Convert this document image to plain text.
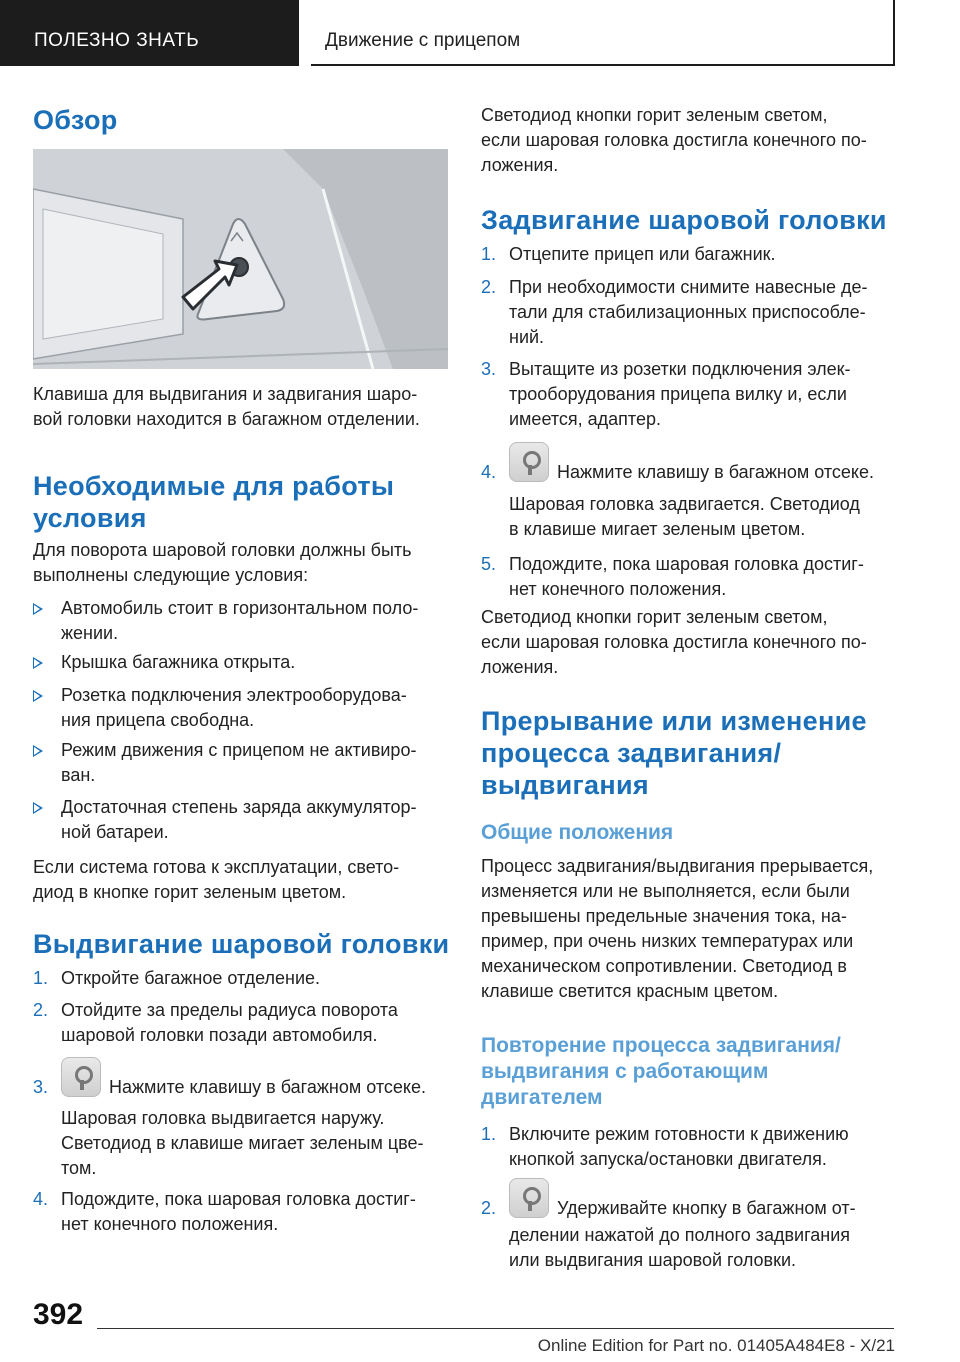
ПОЛЕЗНО ЗНАТЬ	Движение с прицепом
Обзор

Клавиша для выдвигания и задвигания шаро-

вой головки находится в багажном отделении.

Необходимые для работы
условия

Для поворота шаровой головки должны быть

выполнены следующие условия:

Автомобиль стоит в горизонтальном поло-
жении.
Крышка багажника открыта.
Розетка подключения электрооборудова-
ния прицепа свободна.
Режим движения с прицепом не активиро-
ван.
Достаточная степень заряда аккумулятор-
ной батареи.

Если система готова к эксплуатации, свето-

диод в кнопке горит зеленым цветом.

Выдвигание шаровой головки
1. Откройте багажное отделение.
2. Отойдите за пределы радиуса поворота
шаровой головки позади автомобиля.
3.	Нажмите клавишу в багажном отсеке.
Шаровая головка выдвигается наружу.
Светодиод в клавише мигает зеленым цве-
том.
4. Подождите, пока шаровая головка достиг-
нет конечного положения.

Светодиод кнопки горит зеленым светом,

если шаровая головка достигла конечного по-

ложения.

Задвигание шаровой головки
1. Отцепите прицеп или багажник.
2. При необходимости снимите навесные де-
тали для стабилизационных приспособле-
ний.
3. Вытащите из розетки подключения элек-
трооборудования прицепа вилку и, если
имеется, адаптер.
4.	Нажмите клавишу в багажном отсеке.
Шаровая головка задвигается. Светодиод
в клавише мигает зеленым цветом.
5. Подождите, пока шаровая головка достиг-
нет конечного положения.

Светодиод кнопки горит зеленым светом,

если шаровая головка достигла конечного по-

ложения.

Прерывание или изменение
процесса задвигания/
выдвигания
Общие положения

Процесс задвигания/выдвигания прерывается,

изменяется или не выполняется, если были

превышены предельные значения тока, на-

пример, при очень низких температурах или

механическом сопротивлении. Светодиод в

клавише светится красным цветом.

Повторение процесса задвигания/
выдвигания с работающим
двигателем
1. Включите режим готовности к движению
кнопкой запуска/остановки двигателя.
2.	Удерживайте кнопку в багажном от-
делении нажатой до полного задвигания
или выдвигания шаровой головки.
392
Online Edition for Part no. 01405A484E8 - X/21
